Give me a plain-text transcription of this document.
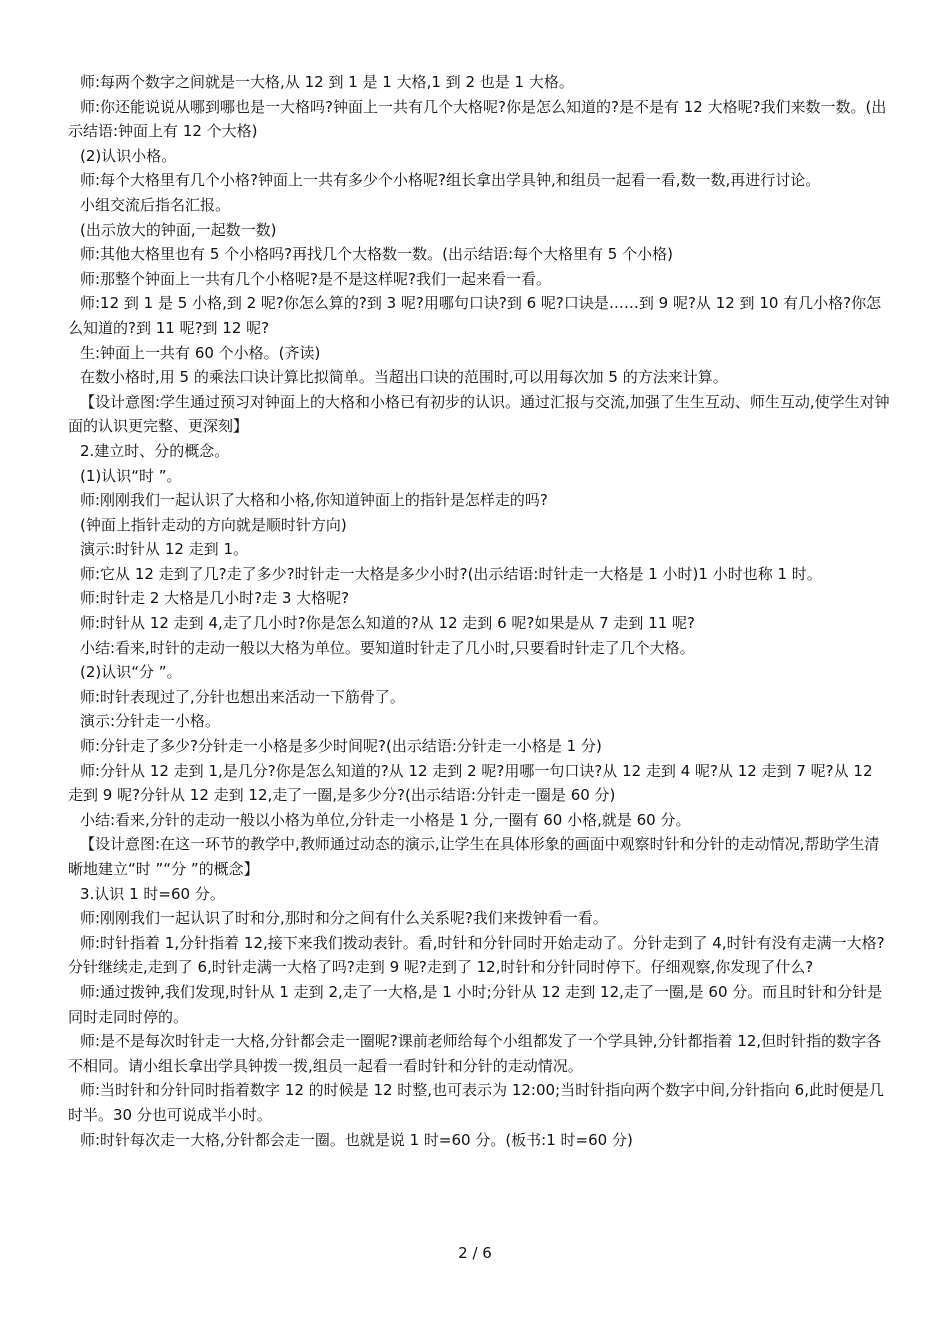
师:每两个数字之间就是一大格,从 12 到 1 是 1 大格,1 到 2 也是 1 大格。

师:你还能说说从哪到哪也是一大格吗?钟面上一共有几个大格呢?你是怎么知道的?是不是有 12 大格呢?我们来数一数。(出示结语:钟面上有 12 个大格)

(2)认识小格。

师:每个大格里有几个小格?钟面上一共有多少个小格呢?组长拿出学具钟,和组员一起看一看,数一数,再进行讨论。

小组交流后指名汇报。

(出示放大的钟面,一起数一数)

师:其他大格里也有 5 个小格吗?再找几个大格数一数。(出示结语:每个大格里有 5 个小格)

师:那整个钟面上一共有几个小格呢?是不是这样呢?我们一起来看一看。

师:12 到 1 是 5 小格,到 2 呢?你怎么算的?到 3 呢?用哪句口诀?到 6 呢?口诀是……到 9 呢?从 12 到 10 有几小格?你怎么知道的?到 11 呢?到 12 呢?

生:钟面上一共有 60 个小格。(齐读)

在数小格时,用 5 的乘法口诀计算比拟简单。当超出口诀的范围时,可以用每次加 5 的方法来计算。

【设计意图:学生通过预习对钟面上的大格和小格已有初步的认识。通过汇报与交流,加强了生生互动、师生互动,使学生对钟面的认识更完整、更深刻】

2.建立时、分的概念。

(1)认识“时 ”。

师:刚刚我们一起认识了大格和小格,你知道钟面上的指针是怎样走的吗?

(钟面上指针走动的方向就是顺时针方向)

演示:时针从 12 走到 1。

师:它从 12 走到了几?走了多少?时针走一大格是多少小时?(出示结语:时针走一大格是 1 小时)1 小时也称 1 时。

师:时针走 2 大格是几小时?走 3 大格呢?

师:时针从 12 走到 4,走了几小时?你是怎么知道的?从 12 走到 6 呢?如果是从 7 走到 11 呢?

小结:看来,时针的走动一般以大格为单位。要知道时针走了几小时,只要看时针走了几个大格。

(2)认识“分 ”。

师:时针表现过了,分针也想出来活动一下筋骨了。

演示:分针走一小格。

师:分针走了多少?分针走一小格是多少时间呢?(出示结语:分针走一小格是 1 分)

师:分针从 12 走到 1,是几分?你是怎么知道的?从 12 走到 2 呢?用哪一句口诀?从 12 走到 4 呢?从 12 走到 7 呢?从 12 走到 9 呢?分针从 12 走到 12,走了一圈,是多少分?(出示结语:分针走一圈是 60 分)

小结:看来,分针的走动一般以小格为单位,分针走一小格是 1 分,一圈有 60 小格,就是 60 分。

【设计意图:在这一环节的教学中,教师通过动态的演示,让学生在具体形象的画面中观察时针和分针的走动情况,帮助学生清晰地建立“时 ”“分 ”的概念】

3.认识 1 时=60 分。

师:刚刚我们一起认识了时和分,那时和分之间有什么关系呢?我们来拨钟看一看。

师:时针指着 1,分针指着 12,接下来我们拨动表针。看,时针和分针同时开始走动了。分针走到了 4,时针有没有走满一大格?分针继续走,走到了 6,时针走满一大格了吗?走到 9 呢?走到了 12,时针和分针同时停下。仔细观察,你发现了什么?

师:通过拨钟,我们发现,时针从 1 走到 2,走了一大格,是 1 小时;分针从 12 走到 12,走了一圈,是 60 分。而且时针和分针是同时走同时停的。

师:是不是每次时针走一大格,分针都会走一圈呢?课前老师给每个小组都发了一个学具钟,分针都指着 12,但时针指的数字各不相同。请小组长拿出学具钟拨一拨,组员一起看一看时针和分针的走动情况。

师:当时针和分针同时指着数字 12 的时候是 12 时整,也可表示为 12:00;当时针指向两个数字中间,分针指向 6,此时便是几时半。30 分也可说成半小时。

师:时针每次走一大格,分针都会走一圈。也就是说 1 时=60 分。(板书:1 时=60 分)

2 / 6
